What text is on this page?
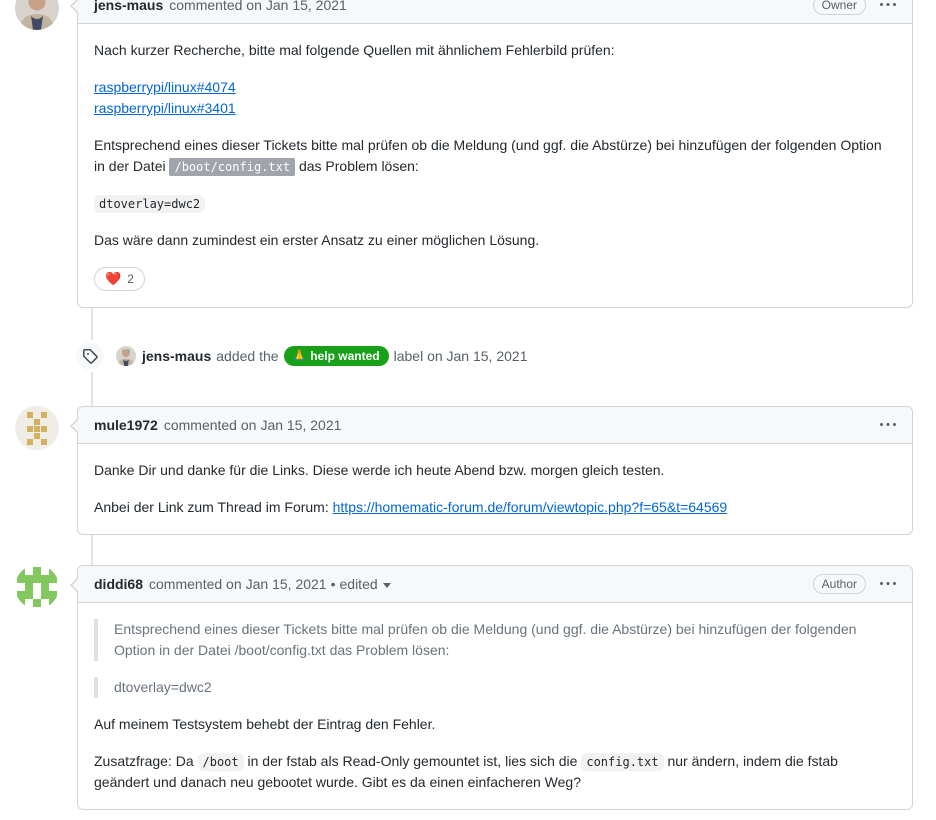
jens-maus commented on Jan 15, 2021	Owner

Nach kurzer Recherche, bitte mal folgende Quellen mit ähnlichem Fehlerbild prüfen:

raspberrypi/linux#4074
raspberrypi/linux#3401

Entsprechend eines dieser Tickets bitte mal prüfen ob die Meldung (und ggf. die Abstürze) bei hinzufügen der folgenden Option in der Datei /boot/config.txt das Problem lösen:

dtoverlay=dwc2

Das wäre dann zumindest ein erster Ansatz zu einer möglichen Lösung.

❤️ 2

jens-maus added the 🙏 help wanted label on Jan 15, 2021
mule1972 commented on Jan 15, 2021

Danke Dir und danke für die Links. Diese werde ich heute Abend bzw. morgen gleich testen.

Anbei der Link zum Thread im Forum: https://homematic-forum.de/forum/viewtopic.php?f=65&t=64569

diddi68 commented on Jan 15, 2021 • edited	Author
Entsprechend eines dieser Tickets bitte mal prüfen ob die Meldung (und ggf. die Abstürze) bei hinzufügen der folgenden Option in der Datei /boot/config.txt das Problem lösen:
dtoverlay=dwc2

Auf meinem Testsystem behebt der Eintrag den Fehler.

Zusatzfrage: Da /boot in der fstab als Read-Only gemountet ist, lies sich die config.txt nur ändern, indem die fstab geändert und danach neu gebootet wurde. Gibt es da einen einfacheren Weg?
